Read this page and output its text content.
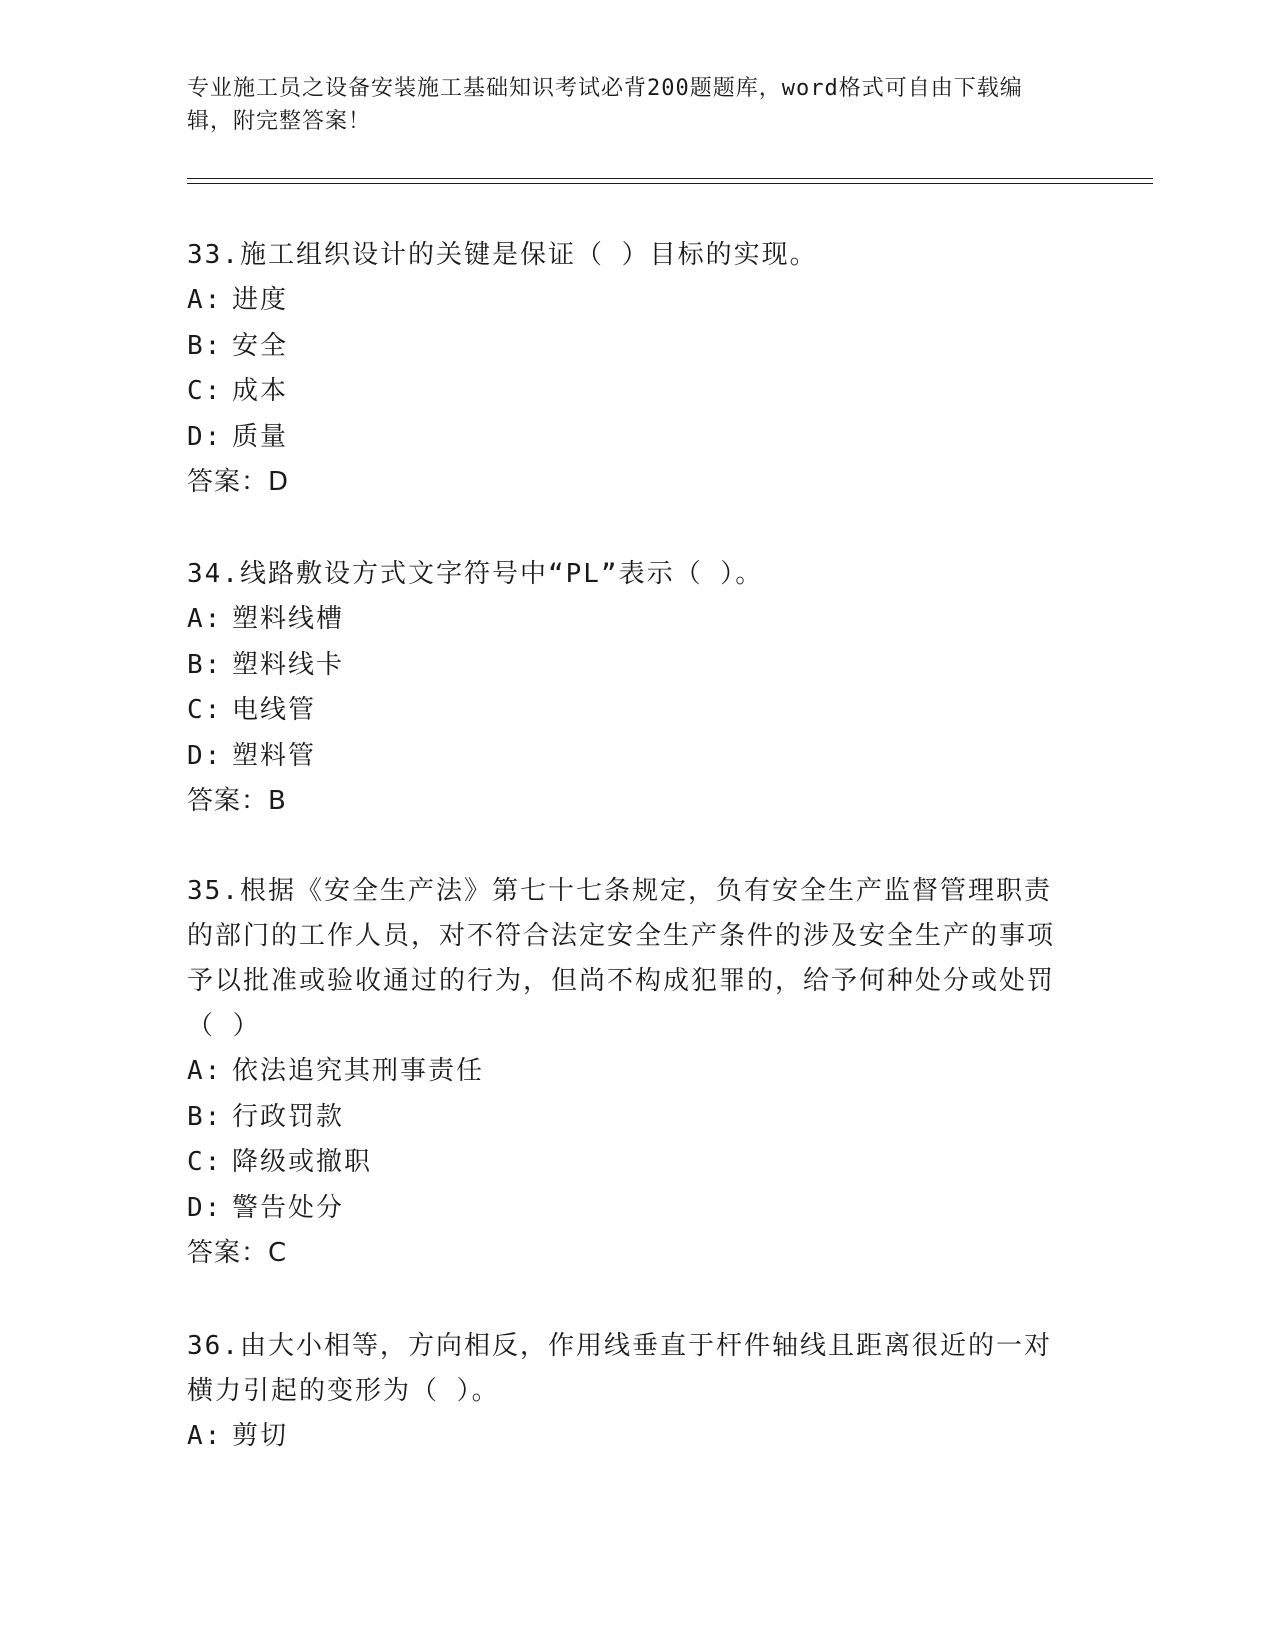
专业施工员之设备安装施工基础知识考试必背200题题库，word格式可自由下载编辑，附完整答案！

33.施工组织设计的关键是保证（ ）目标的实现。

A: 进度

B: 安全

C: 成本

D: 质量

答案：D

34.线路敷设方式文字符号中“PL”表示（ ）。

A: 塑料线槽

B: 塑料线卡

C: 电线管

D: 塑料管

答案：B

35.根据《安全生产法》第七十七条规定，负有安全生产监督管理职责的部门的工作人员，对不符合法定安全生产条件的涉及安全生产的事项予以批准或验收通过的行为，但尚不构成犯罪的，给予何种处分或处罚（ ）

A: 依法追究其刑事责任

B: 行政罚款

C: 降级或撤职

D: 警告处分

答案：C

36.由大小相等，方向相反，作用线垂直于杆件轴线且距离很近的一对横力引起的变形为（ ）。

A: 剪切
